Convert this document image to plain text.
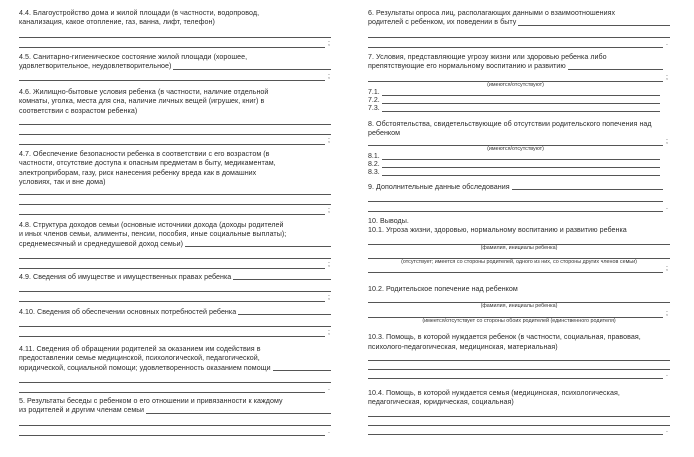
4.4. Благоустройство дома и жилой площади (в частности, водопровод,
канализация, какое отопление, газ, ванна, лифт, телефон)
;
4.5. Санитарно-гигиеническое состояние жилой площади (хорошее,
удовлетворительное, неудовлетворительное)
;
4.6. Жилищно-бытовые условия ребенка (в частности, наличие отдельной
комнаты, уголка, места для сна, наличие личных вещей (игрушек, книг) в
соответствии с возрастом ребенка)
;
4.7. Обеспечение безопасности ребенка в соответствии с его возрастом (в
частности, отсутствие доступа к опасным предметам в быту, медикаментам,
электроприборам, газу, риск нанесения ребенку вреда как в домашних
условиях, так и вне дома)
;
4.8. Структура доходов семьи (основные источники дохода (доходы родителей
и иных членов семьи, алименты, пенсии, пособия, иные социальные выплаты);
среднемесячный и среднедушевой доход семьи)
;
4.9. Сведения об имуществе и имущественных правах ребенка
;
4.10. Сведения об обеспечении основных потребностей ребенка
;
4.11. Сведения об обращении родителей за оказанием им содействия в
предоставлении семье медицинской, психологической, педагогической,
юридической, социальной помощи; удовлетворенность оказанием помощи
.
5. Результаты беседы с ребенком о его отношении и привязанности к каждому
из родителей и другим членам семьи
.
6. Результаты опроса лиц, располагающих данными о взаимоотношениях
родителей с ребенком, их поведении в быту
.
7. Условия, представляющие угрозу жизни или здоровью ребенка либо
препятствующие его нормальному воспитанию и развитию
;
(имеются/отсутствуют)
7.1.
7.2.
7.3.
8. Обстоятельства, свидетельствующие об отсутствии родительского попечения над
ребенком
;
(имеются/отсутствуют)
8.1.
8.2.
8.3.
9. Дополнительные данные обследования
.
10. Выводы.
10.1. Угроза жизни, здоровью, нормальному воспитанию и развитию ребенка
(фамилия, инициалы ребенка)
(отсутствует; имеется со стороны родителей, одного из них, со стороны других членов семьи)
;
10.2. Родительское попечение над ребенком
(фамилия, инициалы ребенка)
;
(имеется/отсутствует со стороны обоих родителей (единственного родителя)
10.3. Помощь, в которой нуждается ребенок (в частности, социальная, правовая,
психолого-педагогическая, медицинская, материальная)
.
10.4. Помощь, в которой нуждается семья (медицинская, психологическая,
педагогическая, юридическая, социальная)
.
